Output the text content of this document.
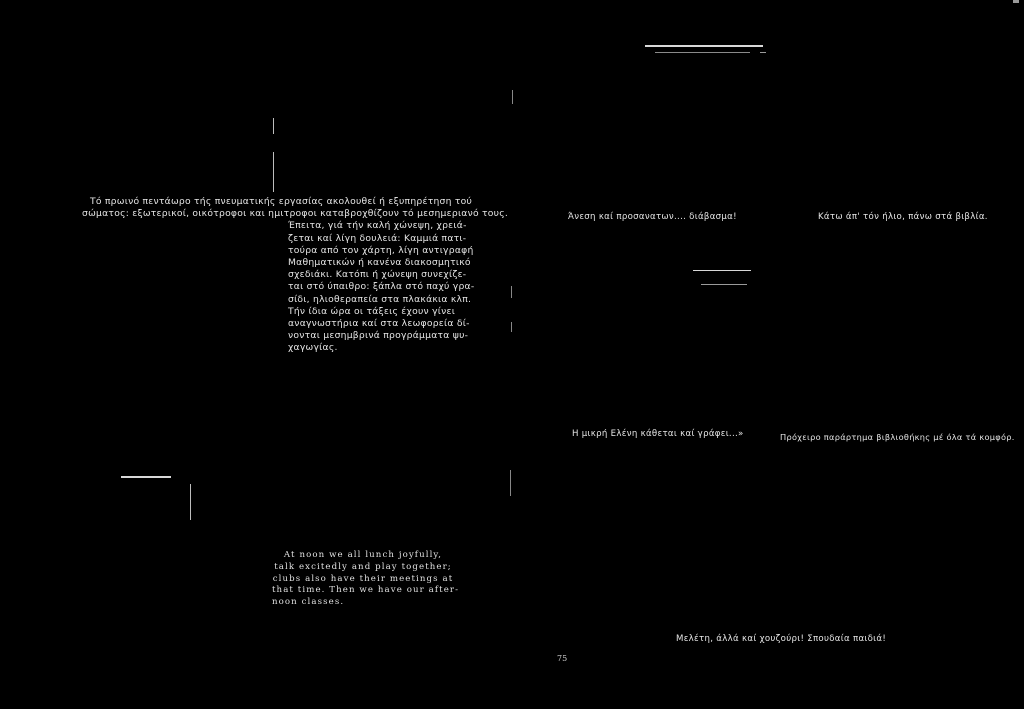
Τό πρωινό πεντάωρο τής πνευματικής εργασίας ακολουθεί ή εξυπηρέτηση τού
σώματος: εξωτερικοί, οικότροφοι και ημιτροφοι καταβροχθίζουν τό μεσημεριανό τους.
Έπειτα, γιά τήν καλή χώνεψη, χρειά-
ζεται καί λίγη δουλειά: Καμμιά πατι-
τούρα από τον χάρτη, λίγη αντιγραφή
Μαθηματικών ή κανένα διακοσμητικό
σχεδιάκι. Κατόπι ή χώνεψη συνεχίζε-
ται στό ύπαιθρο: ξάπλα στό παχύ γρα-
σίδι, ηλιοθεραπεία στα πλακάκια κλπ.
Τήν ίδια ώρα οι τάξεις έχουν γίνει
αναγνωστήρια καί στα λεωφορεία δί-
νονται μεσημβρινά προγράμματα ψυ-
χαγωγίας.
At noon we all lunch joyfully,
talk excitedly and play together;
clubs also have their meetings at
that time. Then we have our after-
noon classes.
75
Άνεση καί προσανατων.... διάβασμα!	Κάτω άπ' τόν ήλιο, πάνω στά βιβλία.
Η μικρή Ελένη κάθεται καί γράφει...»	Πρόχειρο παράρτημα βιβλιοθήκης μέ όλα τά κομφόρ.
Μελέτη, άλλά καί χουζούρι! Σπουδαία παιδιά!
